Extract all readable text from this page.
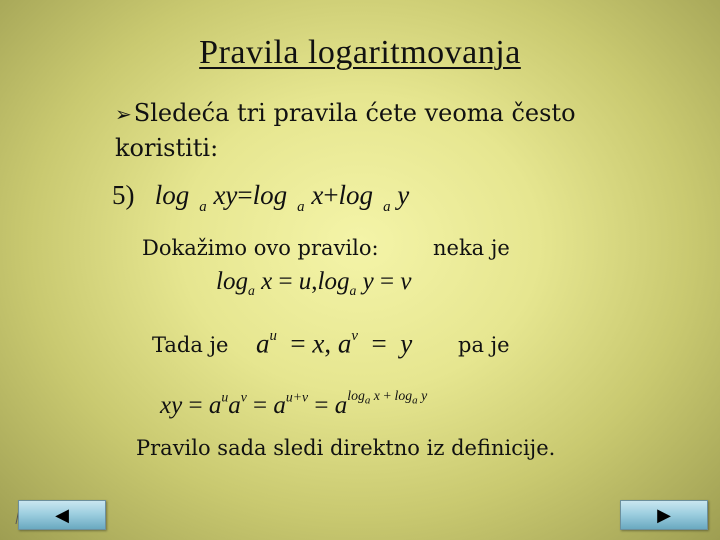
Pravila logaritmovanja
➢Sledeća tri pravila ćete veoma često koristiti:
5) log $_a$ xy=log $_a$ x+log $_a$ y
Dokažimo ovo pravilo:	neka je
$\log_a x = u,\log_a$ y = v
Tada je $a^u = x$, $a^v = y$ pa je
xy = $a^ua^v = a^{u+v} = a^{log_a x + log_a y}$
Pravilo sada sledi direktno iz definicije.
◀	▶
